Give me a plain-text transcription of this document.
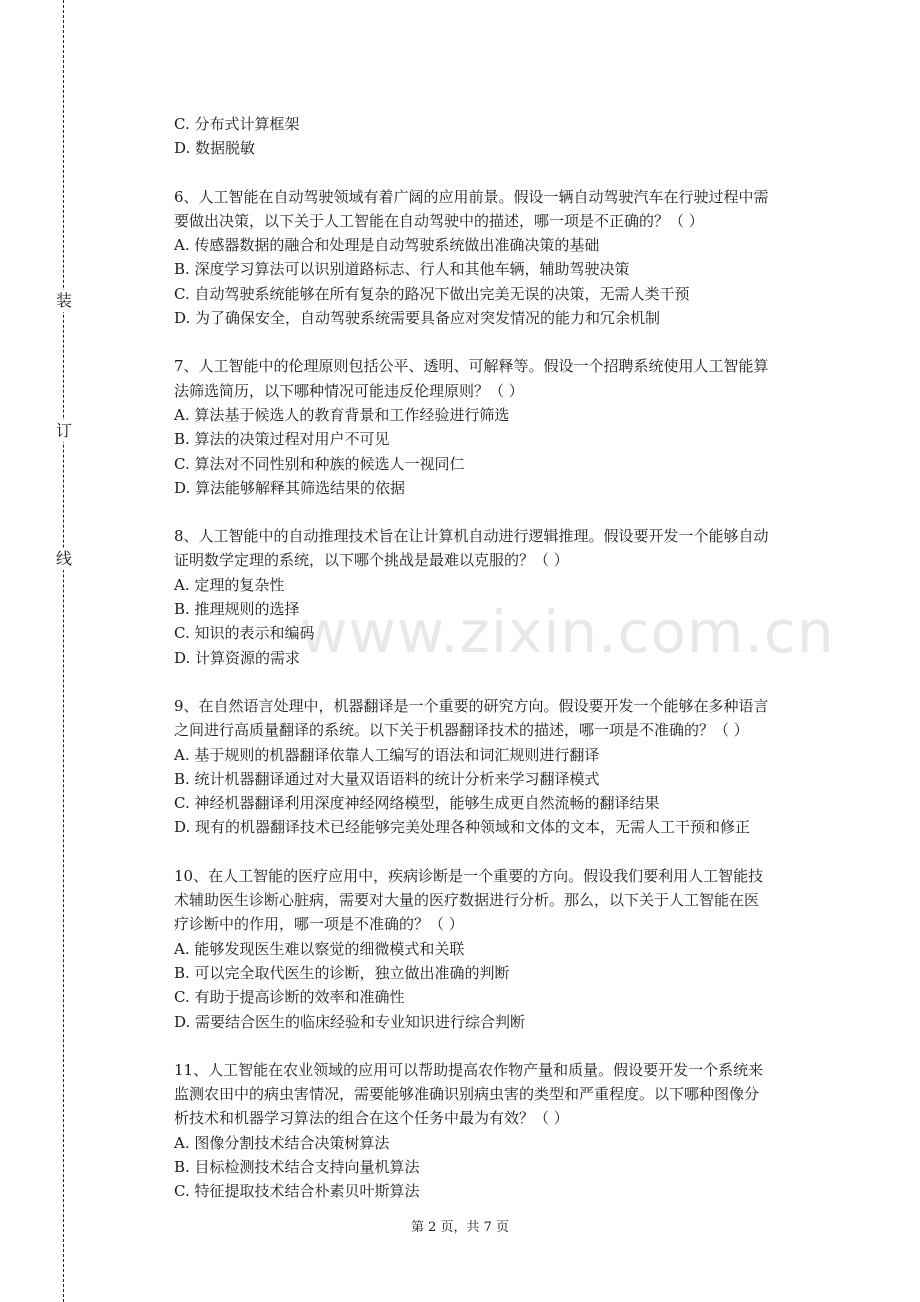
装
订
线
www.zixin.com.cn
C. 分布式计算框架
D. 数据脱敏
6、人工智能在自动驾驶领域有着广阔的应用前景。假设一辆自动驾驶汽车在行驶过程中需
要做出决策，以下关于人工智能在自动驾驶中的描述，哪一项是不正确的？（ ）
A. 传感器数据的融合和处理是自动驾驶系统做出准确决策的基础
B. 深度学习算法可以识别道路标志、行人和其他车辆，辅助驾驶决策
C. 自动驾驶系统能够在所有复杂的路况下做出完美无误的决策，无需人类干预
D. 为了确保安全，自动驾驶系统需要具备应对突发情况的能力和冗余机制
7、人工智能中的伦理原则包括公平、透明、可解释等。假设一个招聘系统使用人工智能算
法筛选简历，以下哪种情况可能违反伦理原则？（ ）
A. 算法基于候选人的教育背景和工作经验进行筛选
B. 算法的决策过程对用户不可见
C. 算法对不同性别和种族的候选人一视同仁
D. 算法能够解释其筛选结果的依据
8、人工智能中的自动推理技术旨在让计算机自动进行逻辑推理。假设要开发一个能够自动
证明数学定理的系统，以下哪个挑战是最难以克服的？（ ）
A. 定理的复杂性
B. 推理规则的选择
C. 知识的表示和编码
D. 计算资源的需求
9、在自然语言处理中，机器翻译是一个重要的研究方向。假设要开发一个能够在多种语言
之间进行高质量翻译的系统。以下关于机器翻译技术的描述，哪一项是不准确的？（ ）
A. 基于规则的机器翻译依靠人工编写的语法和词汇规则进行翻译
B. 统计机器翻译通过对大量双语语料的统计分析来学习翻译模式
C. 神经机器翻译利用深度神经网络模型，能够生成更自然流畅的翻译结果
D. 现有的机器翻译技术已经能够完美处理各种领域和文体的文本，无需人工干预和修正
10、在人工智能的医疗应用中，疾病诊断是一个重要的方向。假设我们要利用人工智能技
术辅助医生诊断心脏病，需要对大量的医疗数据进行分析。那么，以下关于人工智能在医
疗诊断中的作用，哪一项是不准确的？（ ）
A. 能够发现医生难以察觉的细微模式和关联
B. 可以完全取代医生的诊断，独立做出准确的判断
C. 有助于提高诊断的效率和准确性
D. 需要结合医生的临床经验和专业知识进行综合判断
11、人工智能在农业领域的应用可以帮助提高农作物产量和质量。假设要开发一个系统来
监测农田中的病虫害情况，需要能够准确识别病虫害的类型和严重程度。以下哪种图像分
析技术和机器学习算法的组合在这个任务中最为有效？（ ）
A. 图像分割技术结合决策树算法
B. 目标检测技术结合支持向量机算法
C. 特征提取技术结合朴素贝叶斯算法
第 2 页，共 7 页
